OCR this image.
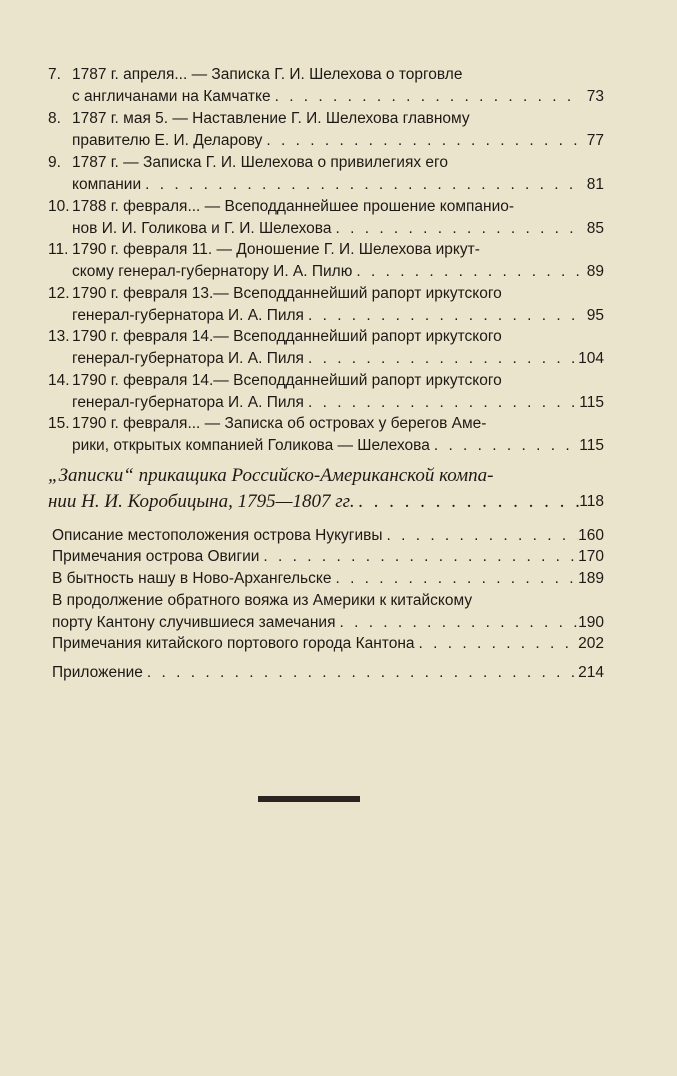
7. 1787 г. апреля... — Записка Г. И. Шелехова о торговле
с англичанами на Камчатке . . .	73
8. 1787 г. мая 5. — Наставление Г. И. Шелехова главному
правителю Е. И. Деларову . . .	77
9. 1787 г. — Записка Г. И. Шелехова о привилегиях его
компании . . .	81
10. 1788 г. февраля... — Всеподданнейшее прошение компанио-
нов И. И. Голикова и Г. И. Шелехова . . .	85
11. 1790 г. февраля 11. — Доношение Г. И. Шелехова иркут-
скому генерал-губернатору И. А. Пилю . . .	89
12. 1790 г. февраля 13.— Всеподданнейший рапорт иркутского
генерал-губернатора И. А. Пиля . . .	95
13. 1790 г. февраля 14.— Всеподданнейший рапорт иркутского
генерал-губернатора И. А. Пиля . . .	104
14. 1790 г. февраля 14.— Всеподданнейший рапорт иркутского
генерал-губернатора И. А. Пиля . . .	115
15. 1790 г. февраля... — Записка об островах у берегов Аме-
рики, открытых компанией Голикова — Шелехова . . .	115
„Записки“ прикащика Российско-Американской компа-
нии Н. И. Коробицына, 1795—1807 гг. . . .	118
Описание местоположения острова Нукугивы . . .	160
Примечания острова Овигии . . .	170
В бытность нашу в Ново-Архангельске . . .	189
В продолжение обратного вояжа из Америки к китайскому
порту Кантону случившиеся замечания . . .	190
Примечания китайского портового города Кантона . . .	202
Приложение . . .	214
